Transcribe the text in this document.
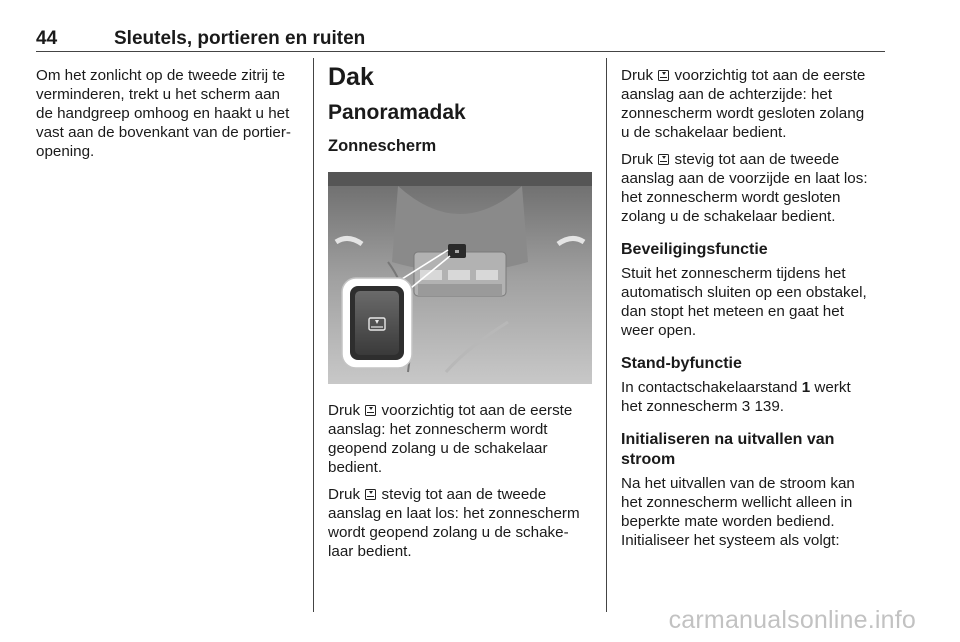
44	Sleutels, portieren en ruiten

Om het zonlicht op de tweede zitrij te
verminderen, trekt u het scherm aan
de handgreep omhoog en haakt u het
vast aan de bovenkant van de portier-
opening.

Dak
Panoramadak
Zonnescherm

Druk voorzichtig tot aan de eerste
aanslag: het zonnescherm wordt
geopend zolang u de schakelaar
bedient.

Druk stevig tot aan de tweede
aanslag en laat los: het zonnescherm
wordt geopend zolang u de schake-
laar bedient.

Druk voorzichtig tot aan de eerste
aanslag aan de achterzijde: het
zonnescherm wordt gesloten zolang
u de schakelaar bedient.

Druk stevig tot aan de tweede
aanslag aan de voorzijde en laat los:
het zonnescherm wordt gesloten
zolang u de schakelaar bedient.

Beveiligingsfunctie

Stuit het zonnescherm tijdens het
automatisch sluiten op een obstakel,
dan stopt het meteen en gaat het
weer open.

Stand-byfunctie

In contactschakelaarstand 1 werkt
het zonnescherm 3 139.

Initialiseren na uitvallen van
stroom

Na het uitvallen van de stroom kan
het zonnescherm wellicht alleen in
beperkte mate worden bediend.
Initialiseer het systeem als volgt:

carmanualsonline.info
